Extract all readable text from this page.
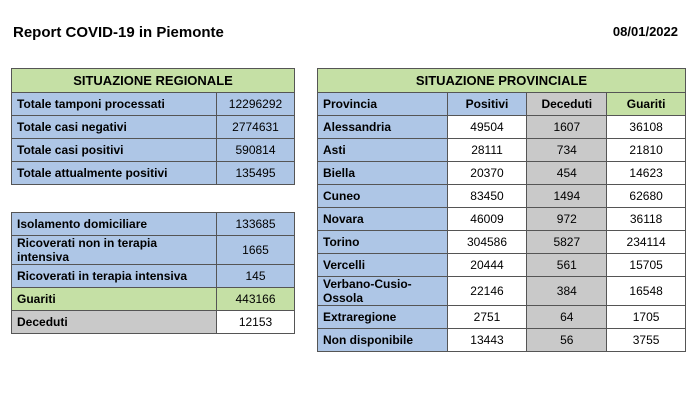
Report COVID-19 in Piemonte	08/01/2022
SITUAZIONE REGIONALE	
Totale tamponi processati	12296292
Totale casi negativi	2774631
Totale casi positivi	590814
Totale attualmente positivi	135495
Isolamento domiciliare	133685
Ricoverati non in terapia intensiva	1665
Ricoverati in terapia intensiva	145
Guariti	443166
Deceduti	12153
SITUAZIONE PROVINCIALE			
Provincia	Positivi	Deceduti	Guariti
Alessandria	49504	1607	36108
Asti	28111	734	21810
Biella	20370	454	14623
Cuneo	83450	1494	62680
Novara	46009	972	36118
Torino	304586	5827	234114
Vercelli	20444	561	15705
Verbano-Cusio-Ossola	22146	384	16548
Extraregione	2751	64	1705
Non disponibile	13443	56	3755
